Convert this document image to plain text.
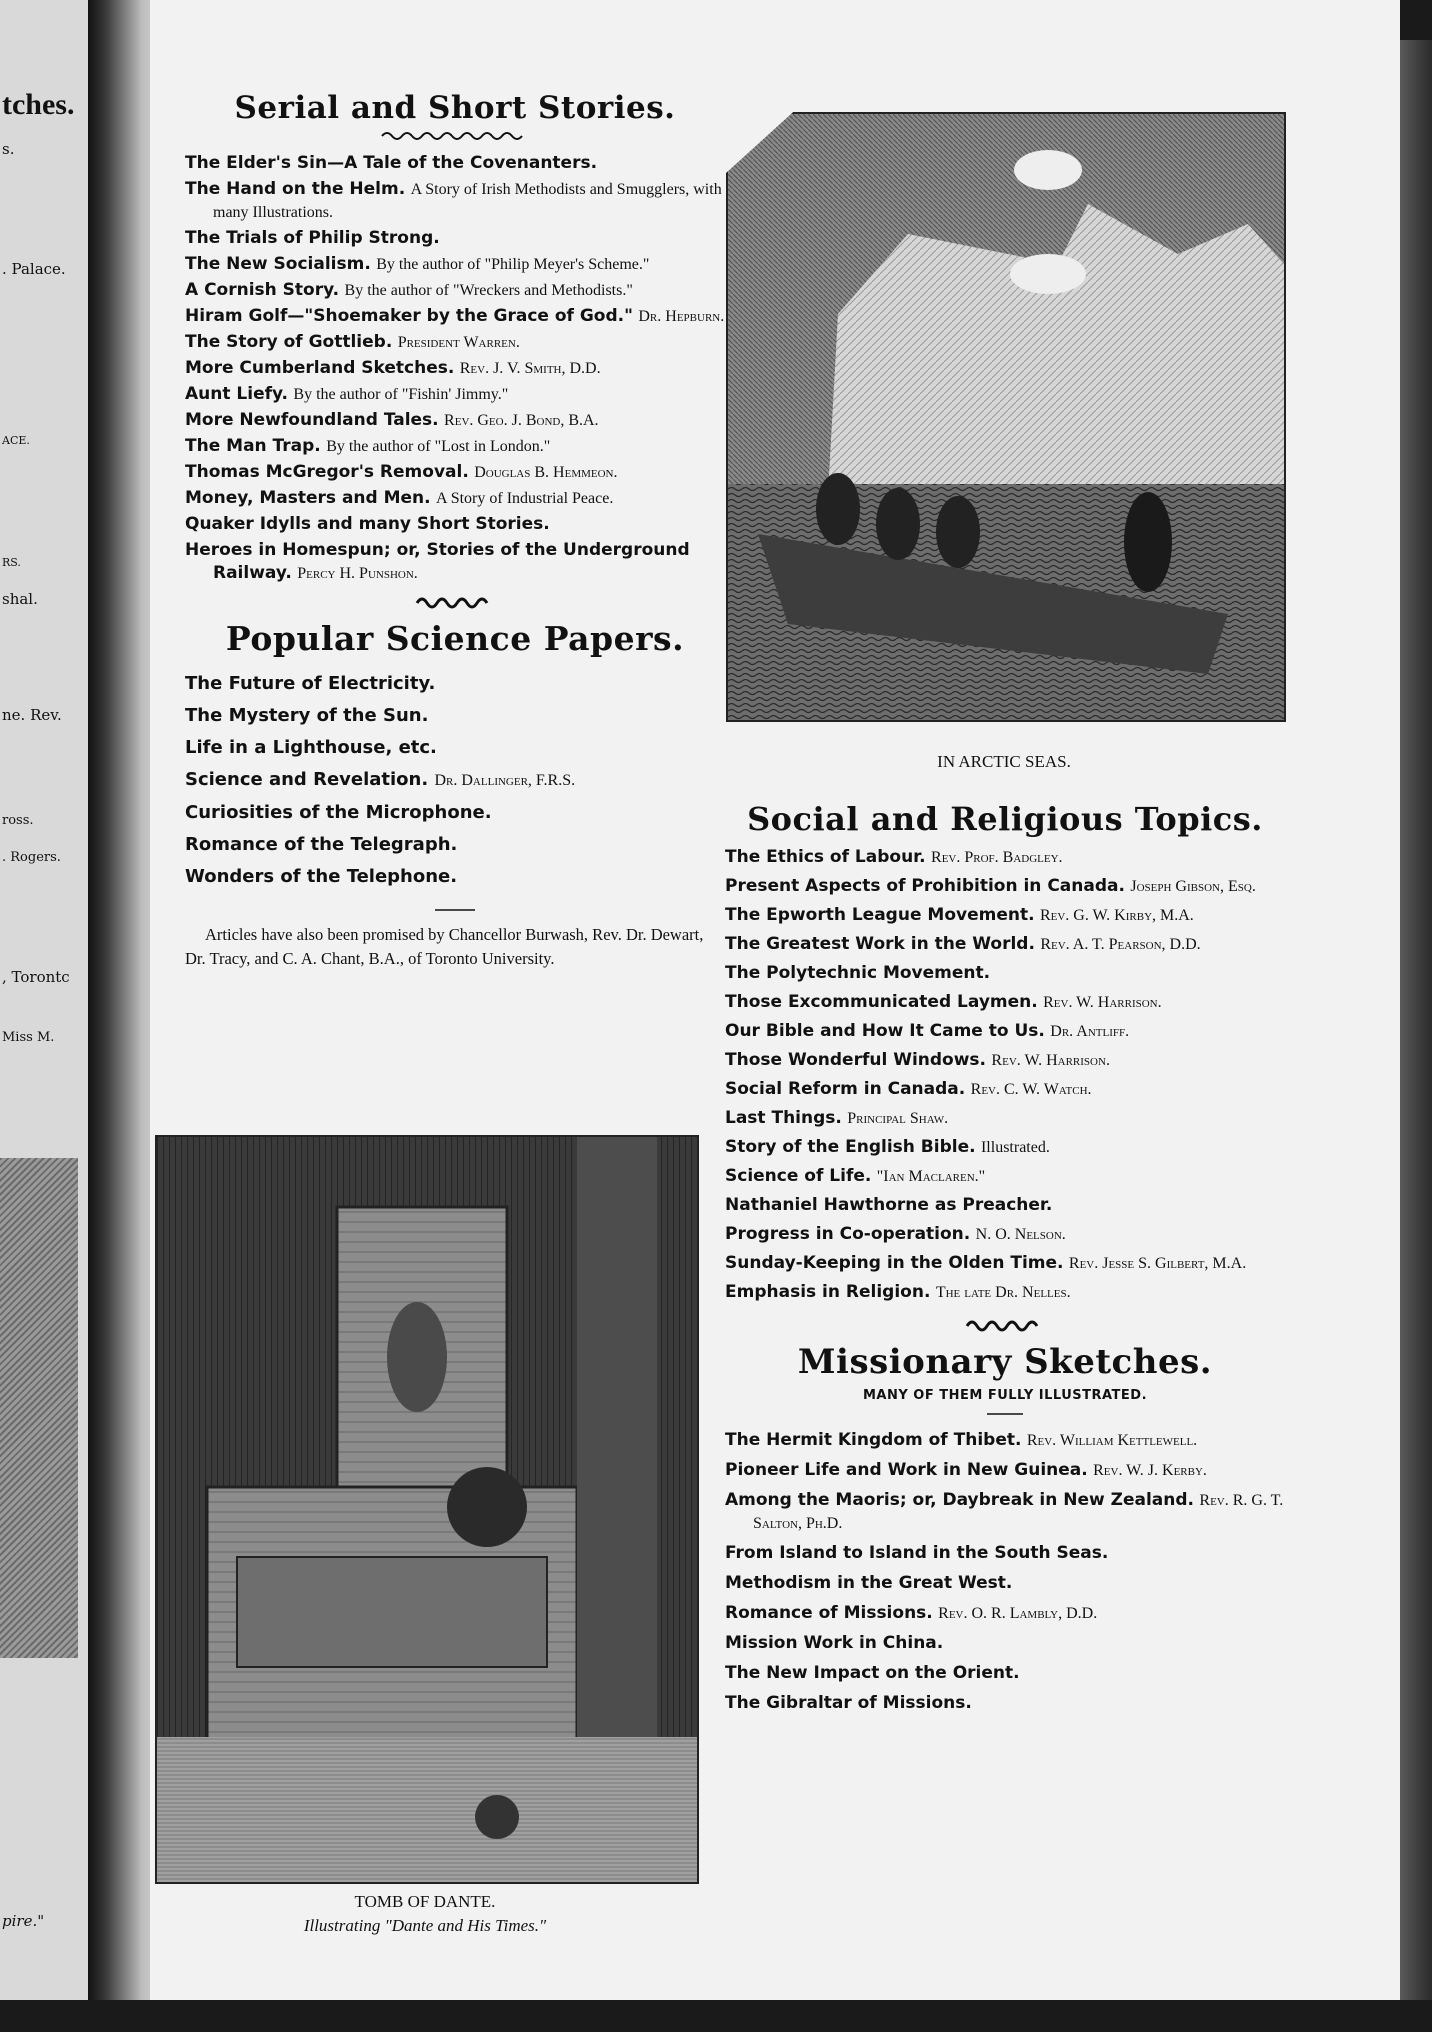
tches.
s.
. Palace.
ACE.
RS.
shal.
ne. Rev.
ross.
. Rogers.
, Torontc
Miss M.
pire."
Serial and Short Stories.

The Elder's Sin—A Tale of the Covenanters.

The Hand on the Helm. A Story of Irish Methodists and Smugglers, with many Illustrations.

The Trials of Philip Strong.

The New Socialism. By the author of "Philip Meyer's Scheme."

A Cornish Story. By the author of "Wreckers and Methodists."

Hiram Golf—"Shoemaker by the Grace of God." Dr. Hepburn.

The Story of Gottlieb. President Warren.

More Cumberland Sketches. Rev. J. V. Smith, D.D.

Aunt Liefy. By the author of "Fishin' Jimmy."

More Newfoundland Tales. Rev. Geo. J. Bond, B.A.

The Man Trap. By the author of "Lost in London."

Thomas McGregor's Removal. Douglas B. Hemmeon.

Money, Masters and Men. A Story of Industrial Peace.

Quaker Idylls and many Short Stories.

Heroes in Homespun; or, Stories of the Underground Railway. Percy H. Punshon.

Popular Science Papers.

The Future of Electricity.

The Mystery of the Sun.

Life in a Lighthouse, etc.

Science and Revelation. Dr. Dallinger, F.R.S.

Curiosities of the Microphone.

Romance of the Telegraph.

Wonders of the Telephone.

Articles have also been promised by Chancellor Burwash, Rev. Dr. Dewart, Dr. Tracy, and C. A. Chant, B.A., of Toronto University.

IN ARCTIC SEAS.
Social and Religious Topics.

The Ethics of Labour. Rev. Prof. Badgley.

Present Aspects of Prohibition in Canada. Joseph Gibson, Esq.

The Epworth League Movement. Rev. G. W. Kirby, M.A.

The Greatest Work in the World. Rev. A. T. Pearson, D.D.

The Polytechnic Movement.

Those Excommunicated Laymen. Rev. W. Harrison.

Our Bible and How It Came to Us. Dr. Antliff.

Those Wonderful Windows. Rev. W. Harrison.

Social Reform in Canada. Rev. C. W. Watch.

Last Things. Principal Shaw.

Story of the English Bible. Illustrated.

Science of Life. "Ian Maclaren."

Nathaniel Hawthorne as Preacher.

Progress in Co-operation. N. O. Nelson.

Sunday-Keeping in the Olden Time. Rev. Jesse S. Gilbert, M.A.

Emphasis in Religion. The late Dr. Nelles.

Missionary Sketches.

MANY OF THEM FULLY ILLUSTRATED.

The Hermit Kingdom of Thibet. Rev. William Kettlewell.

Pioneer Life and Work in New Guinea. Rev. W. J. Kerby.

Among the Maoris; or, Daybreak in New Zealand. Rev. R. G. T. Salton, Ph.D.

From Island to Island in the South Seas.

Methodism in the Great West.

Romance of Missions. Rev. O. R. Lambly, D.D.

Mission Work in China.

The New Impact on the Orient.

The Gibraltar of Missions.

TOMB OF DANTE.
Illustrating "Dante and His Times."
